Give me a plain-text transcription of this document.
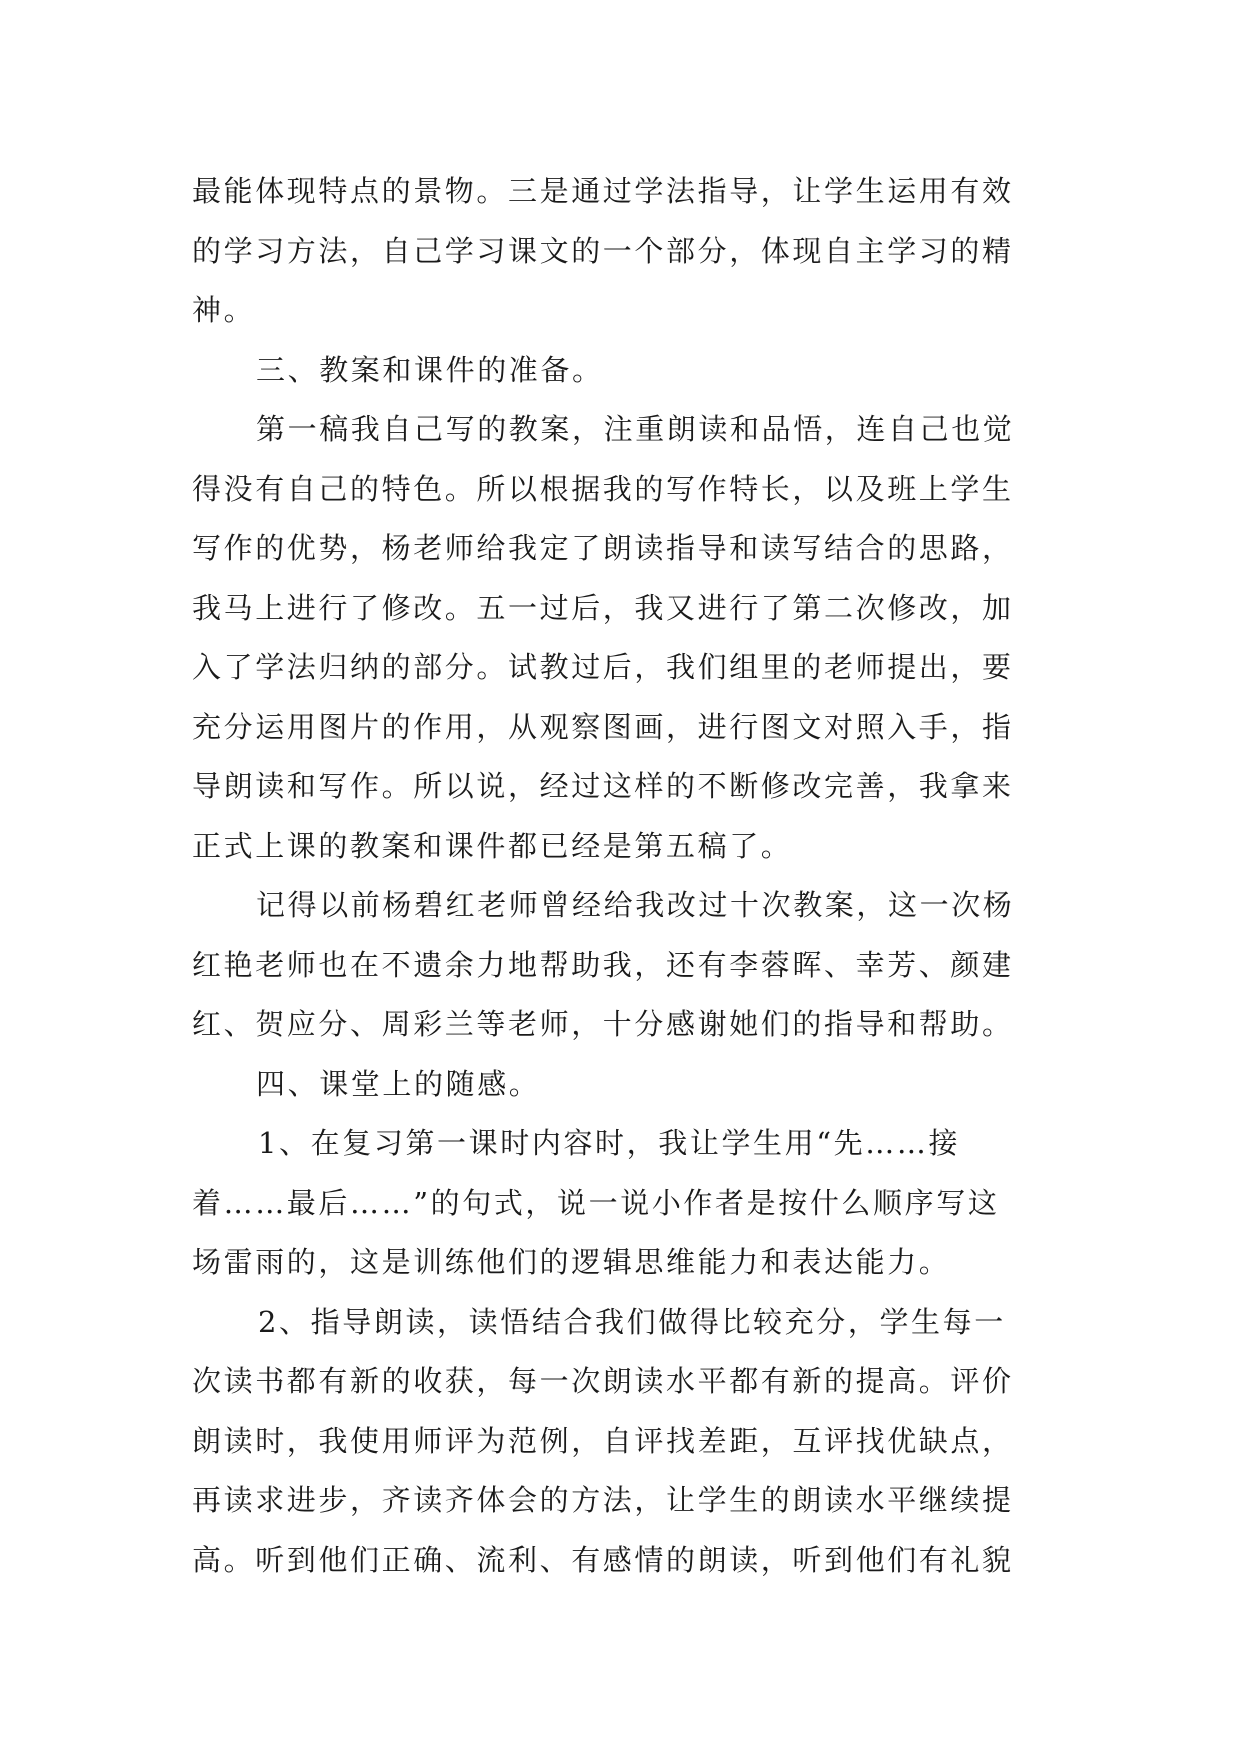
最能体现特点的景物。三是通过学法指导，让学生运用有效
的学习方法，自己学习课文的一个部分，体现自主学习的精
神。
三、教案和课件的准备。
第一稿我自己写的教案，注重朗读和品悟，连自己也觉
得没有自己的特色。所以根据我的写作特长，以及班上学生
写作的优势，杨老师给我定了朗读指导和读写结合的思路，
我马上进行了修改。五一过后，我又进行了第二次修改，加
入了学法归纳的部分。试教过后，我们组里的老师提出，要
充分运用图片的作用，从观察图画，进行图文对照入手，指
导朗读和写作。所以说，经过这样的不断修改完善，我拿来
正式上课的教案和课件都已经是第五稿了。
记得以前杨碧红老师曾经给我改过十次教案，这一次杨
红艳老师也在不遗余力地帮助我，还有李蓉晖、幸芳、颜建
红、贺应分、周彩兰等老师，十分感谢她们的指导和帮助。
四、课堂上的随感。
1、在复习第一课时内容时，我让学生用“先……接
着……最后……”的句式，说一说小作者是按什么顺序写这
场雷雨的，这是训练他们的逻辑思维能力和表达能力。
2、指导朗读，读悟结合我们做得比较充分，学生每一
次读书都有新的收获，每一次朗读水平都有新的提高。评价
朗读时，我使用师评为范例，自评找差距，互评找优缺点，
再读求进步，齐读齐体会的方法，让学生的朗读水平继续提
高。听到他们正确、流利、有感情的朗读，听到他们有礼貌
